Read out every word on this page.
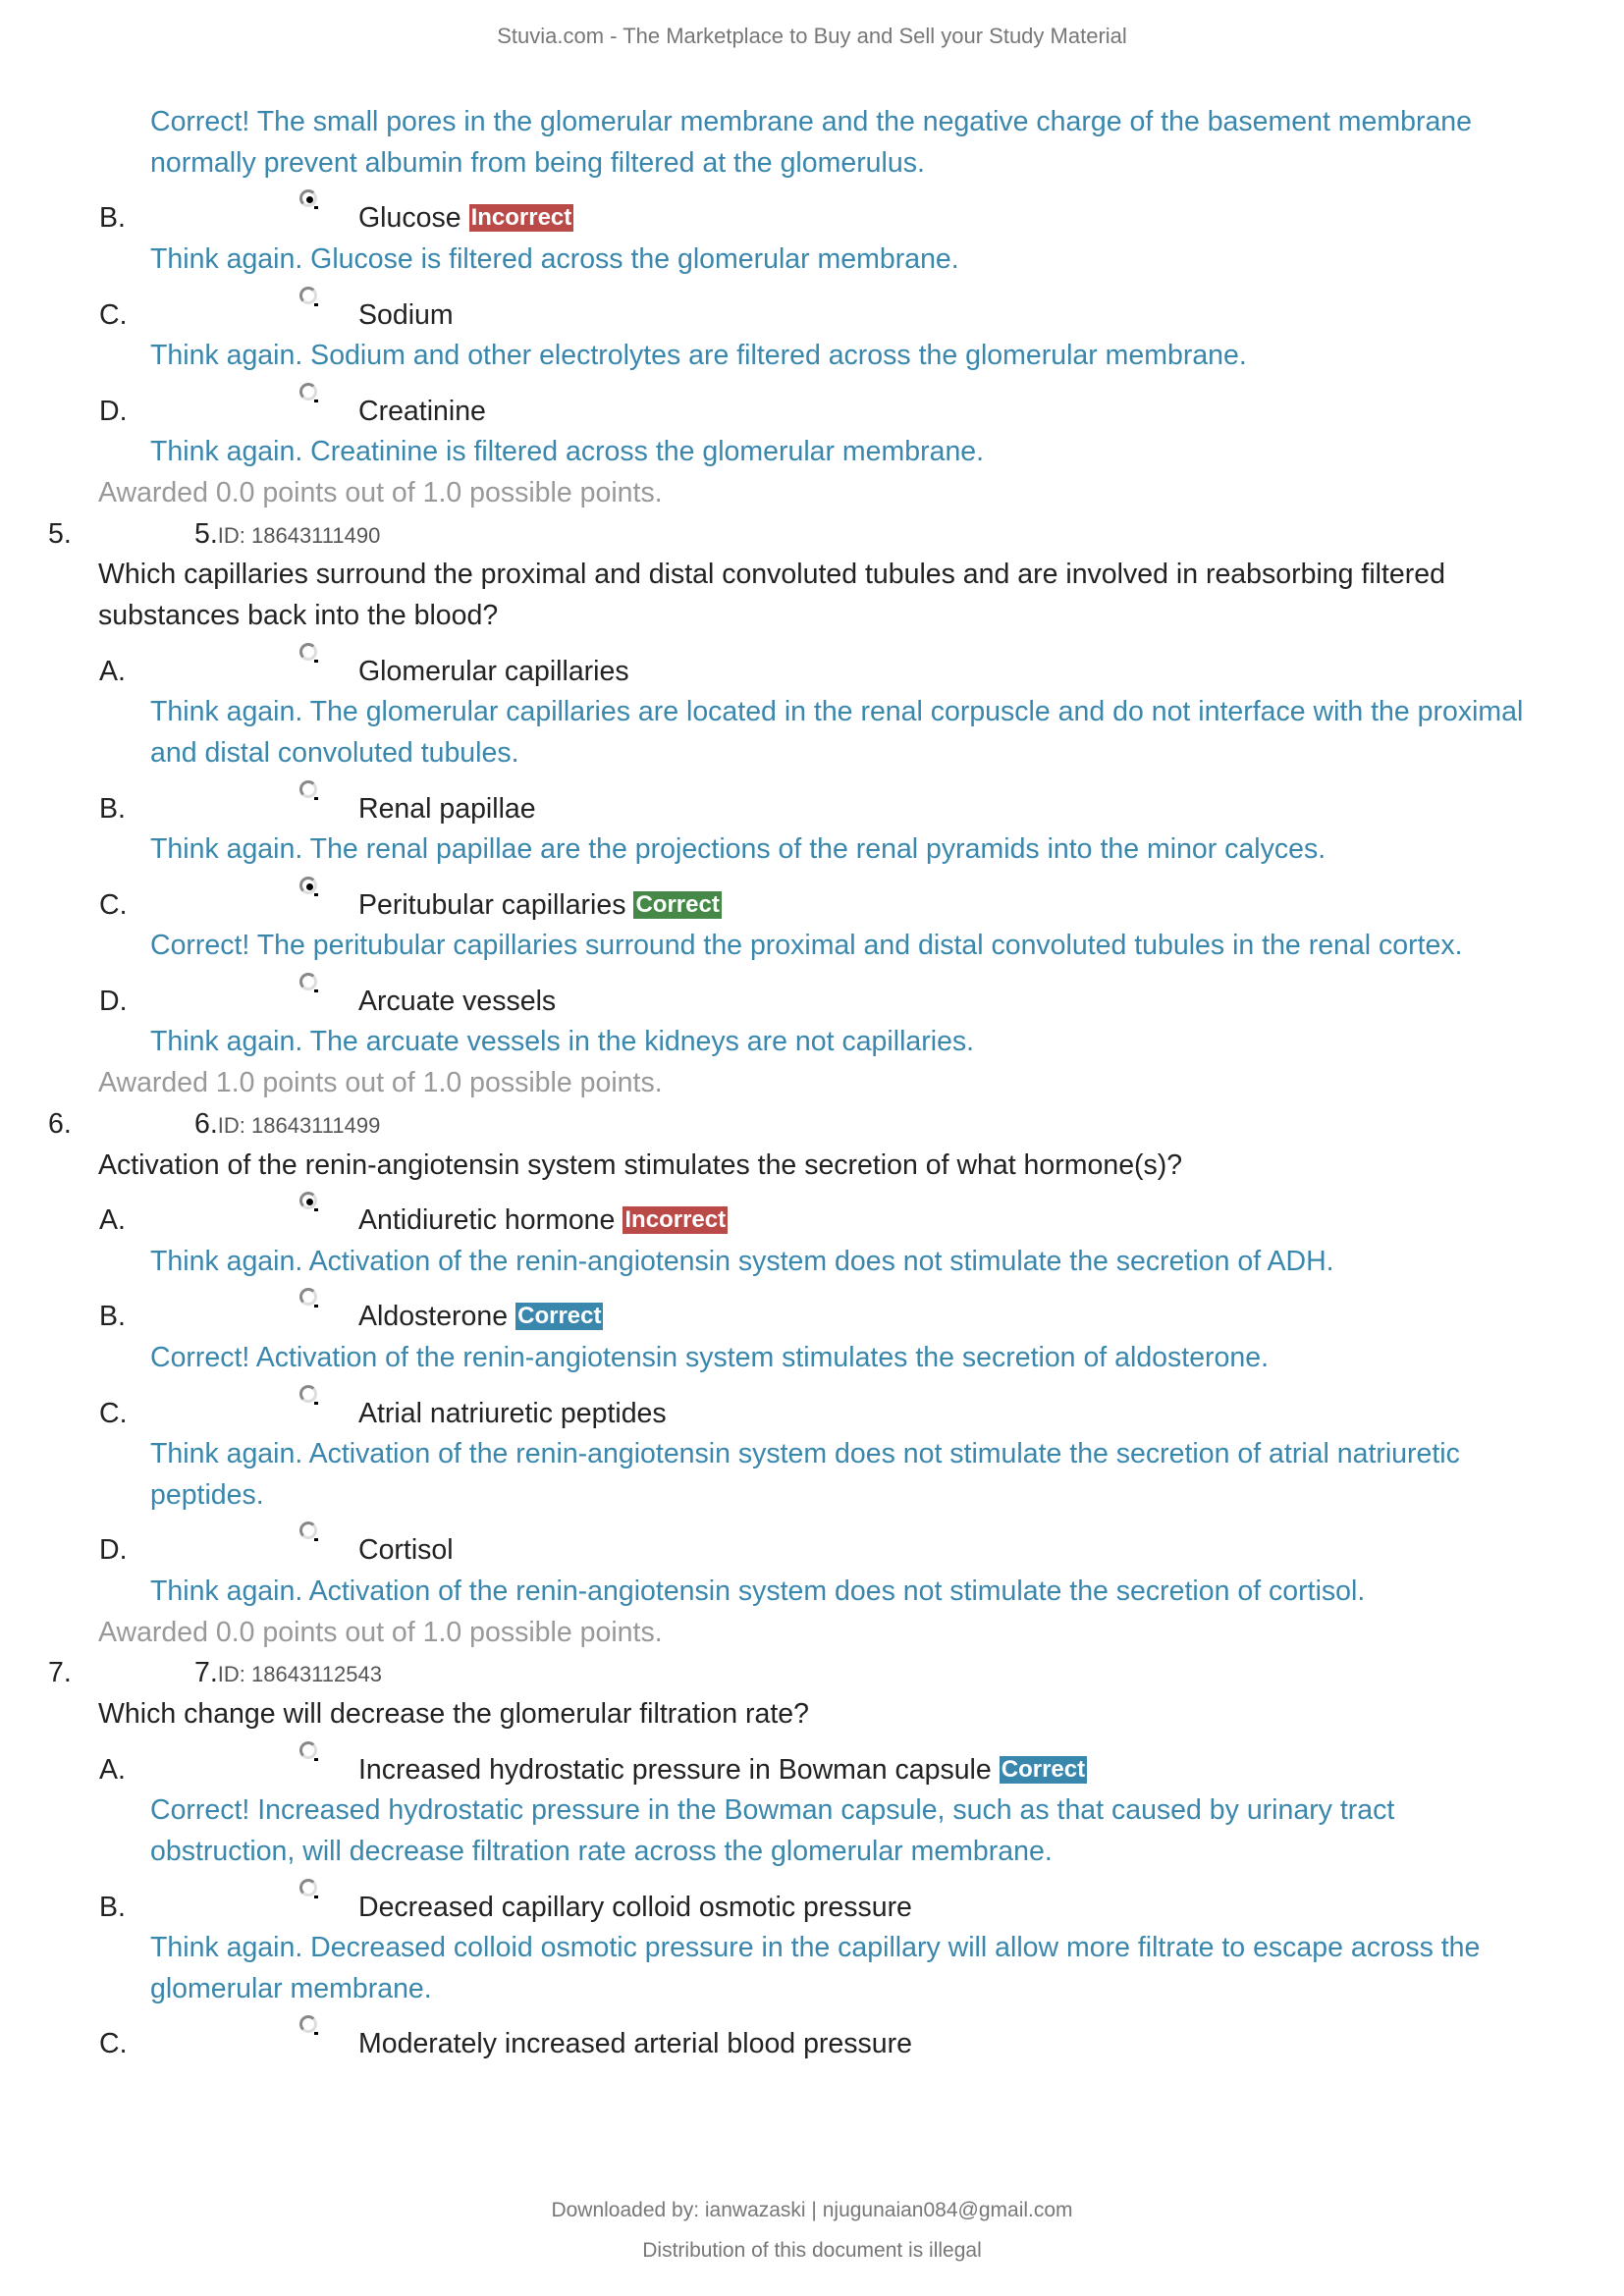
Stuvia.com - The Marketplace to Buy and Sell your Study Material
Correct! The small pores in the glomerular membrane and the negative charge of the basement membrane
normally prevent albumin from being filtered at the glomerulus.
B.	Glucose Incorrect
Think again. Glucose is filtered across the glomerular membrane.
C.	Sodium
Think again. Sodium and other electrolytes are filtered across the glomerular membrane.
D.	Creatinine
Think again. Creatinine is filtered across the glomerular membrane.
Awarded 0.0 points out of 1.0 possible points.
5.	5.ID: 18643111490
Which capillaries surround the proximal and distal convoluted tubules and are involved in reabsorbing filtered
substances back into the blood?
A.	Glomerular capillaries
Think again. The glomerular capillaries are located in the renal corpuscle and do not interface with the proximal
and distal convoluted tubules.
B.	Renal papillae
Think again. The renal papillae are the projections of the renal pyramids into the minor calyces.
C.	Peritubular capillaries Correct
Correct! The peritubular capillaries surround the proximal and distal convoluted tubules in the renal cortex.
D.	Arcuate vessels
Think again. The arcuate vessels in the kidneys are not capillaries.
Awarded 1.0 points out of 1.0 possible points.
6.	6.ID: 18643111499
Activation of the renin-angiotensin system stimulates the secretion of what hormone(s)?
A.	Antidiuretic hormone Incorrect
Think again. Activation of the renin-angiotensin system does not stimulate the secretion of ADH.
B.	Aldosterone Correct
Correct! Activation of the renin-angiotensin system stimulates the secretion of aldosterone.
C.	Atrial natriuretic peptides
Think again. Activation of the renin-angiotensin system does not stimulate the secretion of atrial natriuretic
peptides.
D.	Cortisol
Think again. Activation of the renin-angiotensin system does not stimulate the secretion of cortisol.
Awarded 0.0 points out of 1.0 possible points.
7.	7.ID: 18643112543
Which change will decrease the glomerular filtration rate?
A.	Increased hydrostatic pressure in Bowman capsule Correct
Correct! Increased hydrostatic pressure in the Bowman capsule, such as that caused by urinary tract
obstruction, will decrease filtration rate across the glomerular membrane.
B.	Decreased capillary colloid osmotic pressure
Think again. Decreased colloid osmotic pressure in the capillary will allow more filtrate to escape across the
glomerular membrane.
C.	Moderately increased arterial blood pressure
Downloaded by: ianwazaski | njugunaian084@gmail.com
Distribution of this document is illegal
